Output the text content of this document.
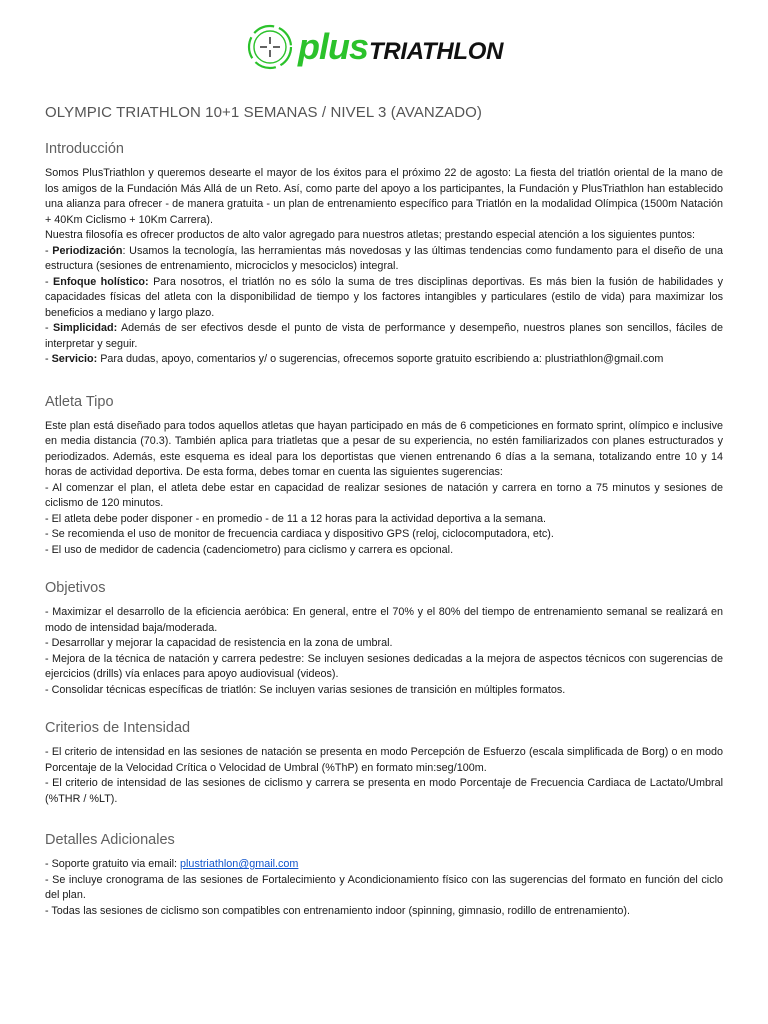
plus TRIATHLON
OLYMPIC TRIATHLON 10+1 SEMANAS / NIVEL 3 (AVANZADO)
Introducción

Somos PlusTriathlon y queremos desearte el mayor de los éxitos para el próximo 22 de agosto: La fiesta del triatlón oriental de la mano de los amigos de la Fundación Más Allá de un Reto. Así, como parte del apoyo a los participantes, la Fundación y PlusTriathlon han establecido una alianza para ofrecer - de manera gratuita - un plan de entrenamiento específico para Triatlón en la modalidad Olímpica (1500m Natación + 40Km Ciclismo + 10Km Carrera).

Nuestra filosofía es ofrecer productos de alto valor agregado para nuestros atletas; prestando especial atención a los siguientes puntos:

- Periodización: Usamos la tecnología, las herramientas más novedosas y las últimas tendencias como fundamento para el diseño de una estructura (sesiones de entrenamiento, microciclos y mesociclos) integral.

- Enfoque holístico: Para nosotros, el triatlón no es sólo la suma de tres disciplinas deportivas. Es más bien la fusión de habilidades y capacidades físicas del atleta con la disponibilidad de tiempo y los factores intangibles y particulares (estilo de vida) para maximizar los beneficios a mediano y largo plazo.

- Simplicidad: Además de ser efectivos desde el punto de vista de performance y desempeño, nuestros planes son sencillos, fáciles de interpretar y seguir.

- Servicio: Para dudas, apoyo, comentarios y/ o sugerencias, ofrecemos soporte gratuito escribiendo a: plustriathlon@gmail.com

Atleta Tipo

Este plan está diseñado para todos aquellos atletas que hayan participado en más de 6 competiciones en formato sprint, olímpico e inclusive en media distancia (70.3). También aplica para triatletas que a pesar de su experiencia, no estén familiarizados con planes estructurados y periodizados. Además, este esquema es ideal para los deportistas que vienen entrenando 6 días a la semana, totalizando entre 10 y 14 horas de actividad deportiva. De esta forma, debes tomar en cuenta las siguientes sugerencias:

- Al comenzar el plan, el atleta debe estar en capacidad de realizar sesiones de natación y carrera en torno a 75 minutos y sesiones de ciclismo de 120 minutos.

- El atleta debe poder disponer - en promedio - de 11 a 12 horas para la actividad deportiva a la semana.

- Se recomienda el uso de monitor de frecuencia cardiaca y dispositivo GPS (reloj, ciclocomputadora, etc).

- El uso de medidor de cadencia (cadenciometro) para ciclismo y carrera es opcional.

Objetivos

- Maximizar el desarrollo de la eficiencia aeróbica: En general, entre el 70% y el 80% del tiempo de entrenamiento semanal se realizará en modo de intensidad baja/moderada.

- Desarrollar y mejorar la capacidad de resistencia en la zona de umbral.

- Mejora de la técnica de natación y carrera pedestre: Se incluyen sesiones dedicadas a la mejora de aspectos técnicos con sugerencias de ejercicios (drills) vía enlaces para apoyo audiovisual (videos).

- Consolidar técnicas específicas de triatlón: Se incluyen varias sesiones de transición en múltiples formatos.

Criterios de Intensidad

- El criterio de intensidad en las sesiones de natación se presenta en modo Percepción de Esfuerzo (escala simplificada de Borg) o en modo Porcentaje de la Velocidad Crítica o Velocidad de Umbral (%ThP) en formato min:seg/100m.

- El criterio de intensidad de las sesiones de ciclismo y carrera se presenta en modo Porcentaje de Frecuencia Cardiaca de Lactato/Umbral (%THR / %LT).

Detalles Adicionales

- Soporte gratuito via email: plustriathlon@gmail.com

- Se incluye cronograma de las sesiones de Fortalecimiento y Acondicionamiento físico con las sugerencias del formato en función del ciclo del plan.

- Todas las sesiones de ciclismo son compatibles con entrenamiento indoor (spinning, gimnasio, rodillo de entrenamiento).
